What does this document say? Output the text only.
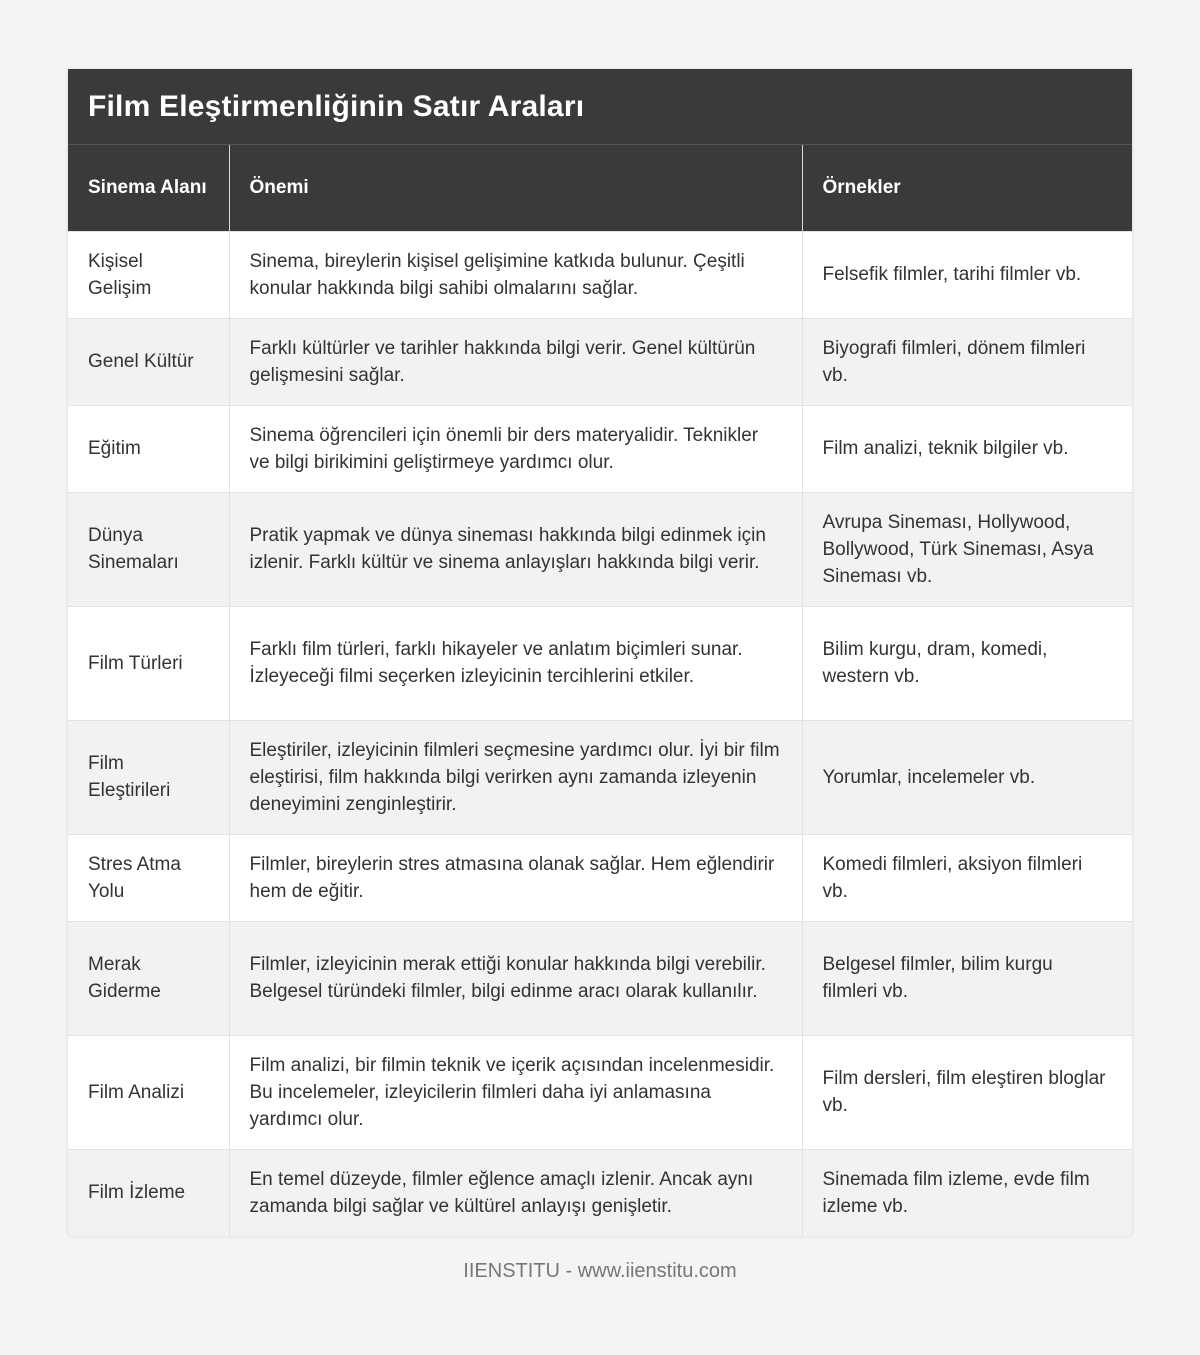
Film Eleştirmenliğinin Satır Araları
Sinema Alanı	Önemi	Örnekler
Kişisel Gelişim	Sinema, bireylerin kişisel gelişimine katkıda bulunur. Çeşitli konular hakkında bilgi sahibi olmalarını sağlar.	Felsefik filmler, tarihi filmler vb.
Genel Kültür	Farklı kültürler ve tarihler hakkında bilgi verir. Genel kültürün gelişmesini sağlar.	Biyografi filmleri, dönem filmleri vb.
Eğitim	Sinema öğrencileri için önemli bir ders materyalidir. Teknikler ve bilgi birikimini geliştirmeye yardımcı olur.	Film analizi, teknik bilgiler vb.
Dünya Sinemaları	Pratik yapmak ve dünya sineması hakkında bilgi edinmek için izlenir. Farklı kültür ve sinema anlayışları hakkında bilgi verir.	Avrupa Sineması, Hollywood, Bollywood, Türk Sineması, Asya Sineması vb.
Film Türleri	Farklı film türleri, farklı hikayeler ve anlatım biçimleri sunar. İzleyeceği filmi seçerken izleyicinin tercihlerini etkiler.	Bilim kurgu, dram, komedi, western vb.
Film Eleştirileri	Eleştiriler, izleyicinin filmleri seçmesine yardımcı olur. İyi bir film eleştirisi, film hakkında bilgi verirken aynı zamanda izleyenin deneyimini zenginleştirir.	Yorumlar, incelemeler vb.
Stres Atma Yolu	Filmler, bireylerin stres atmasına olanak sağlar. Hem eğlendirir hem de eğitir.	Komedi filmleri, aksiyon filmleri vb.
Merak Giderme	Filmler, izleyicinin merak ettiği konular hakkında bilgi verebilir. Belgesel türündeki filmler, bilgi edinme aracı olarak kullanılır.	Belgesel filmler, bilim kurgu filmleri vb.
Film Analizi	Film analizi, bir filmin teknik ve içerik açısından incelenmesidir. Bu incelemeler, izleyicilerin filmleri daha iyi anlamasına yardımcı olur.	Film dersleri, film eleştiren bloglar vb.
Film İzleme	En temel düzeyde, filmler eğlence amaçlı izlenir. Ancak aynı zamanda bilgi sağlar ve kültürel anlayışı genişletir.	Sinemada film izleme, evde film izleme vb.
IIENSTITU - www.iienstitu.com
